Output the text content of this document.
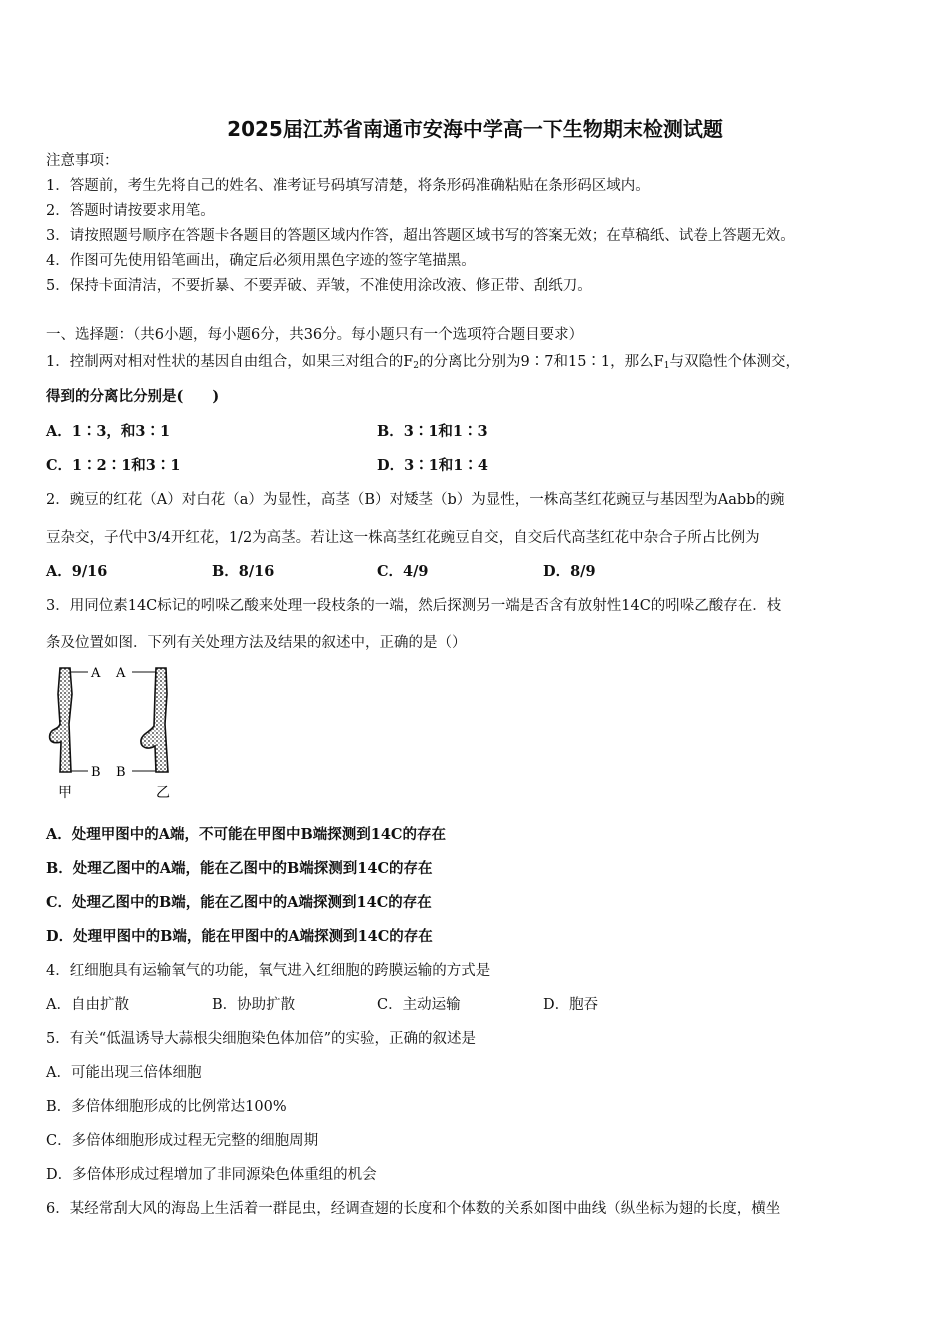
2025届江苏省南通市安海中学高一下生物期末检测试题
注意事项：
1．答题前，考生先将自己的姓名、准考证号码填写清楚，将条形码准确粘贴在条形码区域内。
2．答题时请按要求用笔。
3．请按照题号顺序在答题卡各题目的答题区域内作答，超出答题区域书写的答案无效；在草稿纸、试卷上答题无效。
4．作图可先使用铅笔画出，确定后必须用黑色字迹的签字笔描黑。
5．保持卡面清洁，不要折暴、不要弄破、弄皱，不准使用涂改液、修正带、刮纸刀。
一、选择题：（共6小题，每小题6分，共36分。每小题只有一个选项符合题目要求）
1．控制两对相对性状的基因自由组合，如果三对组合的$F_2$的分离比分别为9∶7和15∶1，那么$F_1$与双隐性个体测交，
得到的分离比分别是(　　)
A．1∶3，和3∶1	B．3∶1和1∶3
C．1∶2∶1和3∶1	D．3∶1和1∶4
2．豌豆的红花（A）对白花（a）为显性，高茎（B）对矮茎（b）为显性，一株高茎红花豌豆与基因型为Aabb的豌
豆杂交，子代中3/4开红花，1/2为高茎。若让这一株高茎红花豌豆自交，自交后代高茎红花中杂合子所占比例为
A．9/16	B．8/16	C．4/9	D．8/9
3．用同位素14C标记的吲哚乙酸来处理一段枝条的一端，然后探测另一端是否含有放射性14C的吲哚乙酸存在．枝
条及位置如图．下列有关处理方法及结果的叙述中，正确的是（）
A
B
A
B
甲	乙
A．处理甲图中的A端，不可能在甲图中B端探测到14C的存在
B．处理乙图中的A端，能在乙图中的B端探测到14C的存在
C．处理乙图中的B端，能在乙图中的A端探测到14C的存在
D．处理甲图中的B端，能在甲图中的A端探测到14C的存在
4．红细胞具有运输氧气的功能，氧气进入红细胞的跨膜运输的方式是
A．自由扩散	B．协助扩散	C．主动运输	D．胞吞
5．有关“低温诱导大蒜根尖细胞染色体加倍”的实验，正确的叙述是
A．可能出现三倍体细胞
B．多倍体细胞形成的比例常达100%
C．多倍体细胞形成过程无完整的细胞周期
D．多倍体形成过程增加了非同源染色体重组的机会
6．某经常刮大风的海岛上生活着一群昆虫，经调查翅的长度和个体数的关系如图中曲线（纵坐标为翅的长度，横坐
